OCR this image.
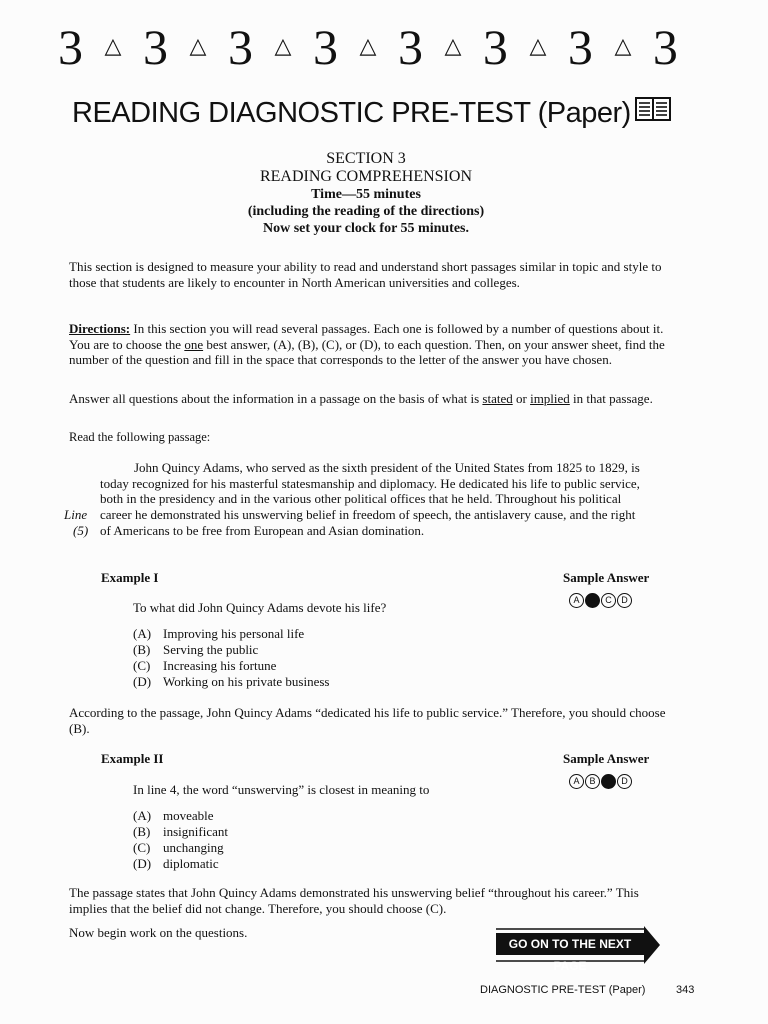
3 △ 3 △ 3 △ 3 △ 3 △ 3 △ 3 △ 3
READING DIAGNOSTIC PRE-TEST (Paper)
SECTION 3
READING COMPREHENSION
Time—55 minutes
(including the reading of the directions)
Now set your clock for 55 minutes.
This section is designed to measure your ability to read and understand short passages similar in topic and style to those that students are likely to encounter in North American universities and colleges.
Directions: In this section you will read several passages. Each one is followed by a number of questions about it. You are to choose the one best answer, (A), (B), (C), or (D), to each question. Then, on your answer sheet, find the number of the question and fill in the space that corresponds to the letter of the answer you have chosen.
Answer all questions about the information in a passage on the basis of what is stated or implied in that passage.
Read the following passage:
John Quincy Adams, who served as the sixth president of the United States from 1825 to 1829, is today recognized for his masterful statesmanship and diplomacy. He dedicated his life to public service, both in the presidency and in the various other political offices that he held. Throughout his political career he demonstrated his unswerving belief in freedom of speech, the antislavery cause, and the right of Americans to be free from European and Asian domination.
Line
(5)
Example I	Sample Answer
To what did John Quincy Adams devote his life?	A	B	C	D
(A) Improving his personal life
(B) Serving the public
(C) Increasing his fortune
(D) Working on his private business
According to the passage, John Quincy Adams “dedicated his life to public service.” Therefore, you should choose (B).
Example II	Sample Answer
In line 4, the word “unswerving” is closest in meaning to
A	B	C	D
(A) moveable
(B) insignificant
(C) unchanging
(D) diplomatic
The passage states that John Quincy Adams demonstrated his unswerving belief “throughout his career.” This implies that the belief did not change. Therefore, you should choose (C).
Now begin work on the questions.
GO ON TO THE NEXT PAGE
DIAGNOSTIC PRE-TEST (Paper)	343
